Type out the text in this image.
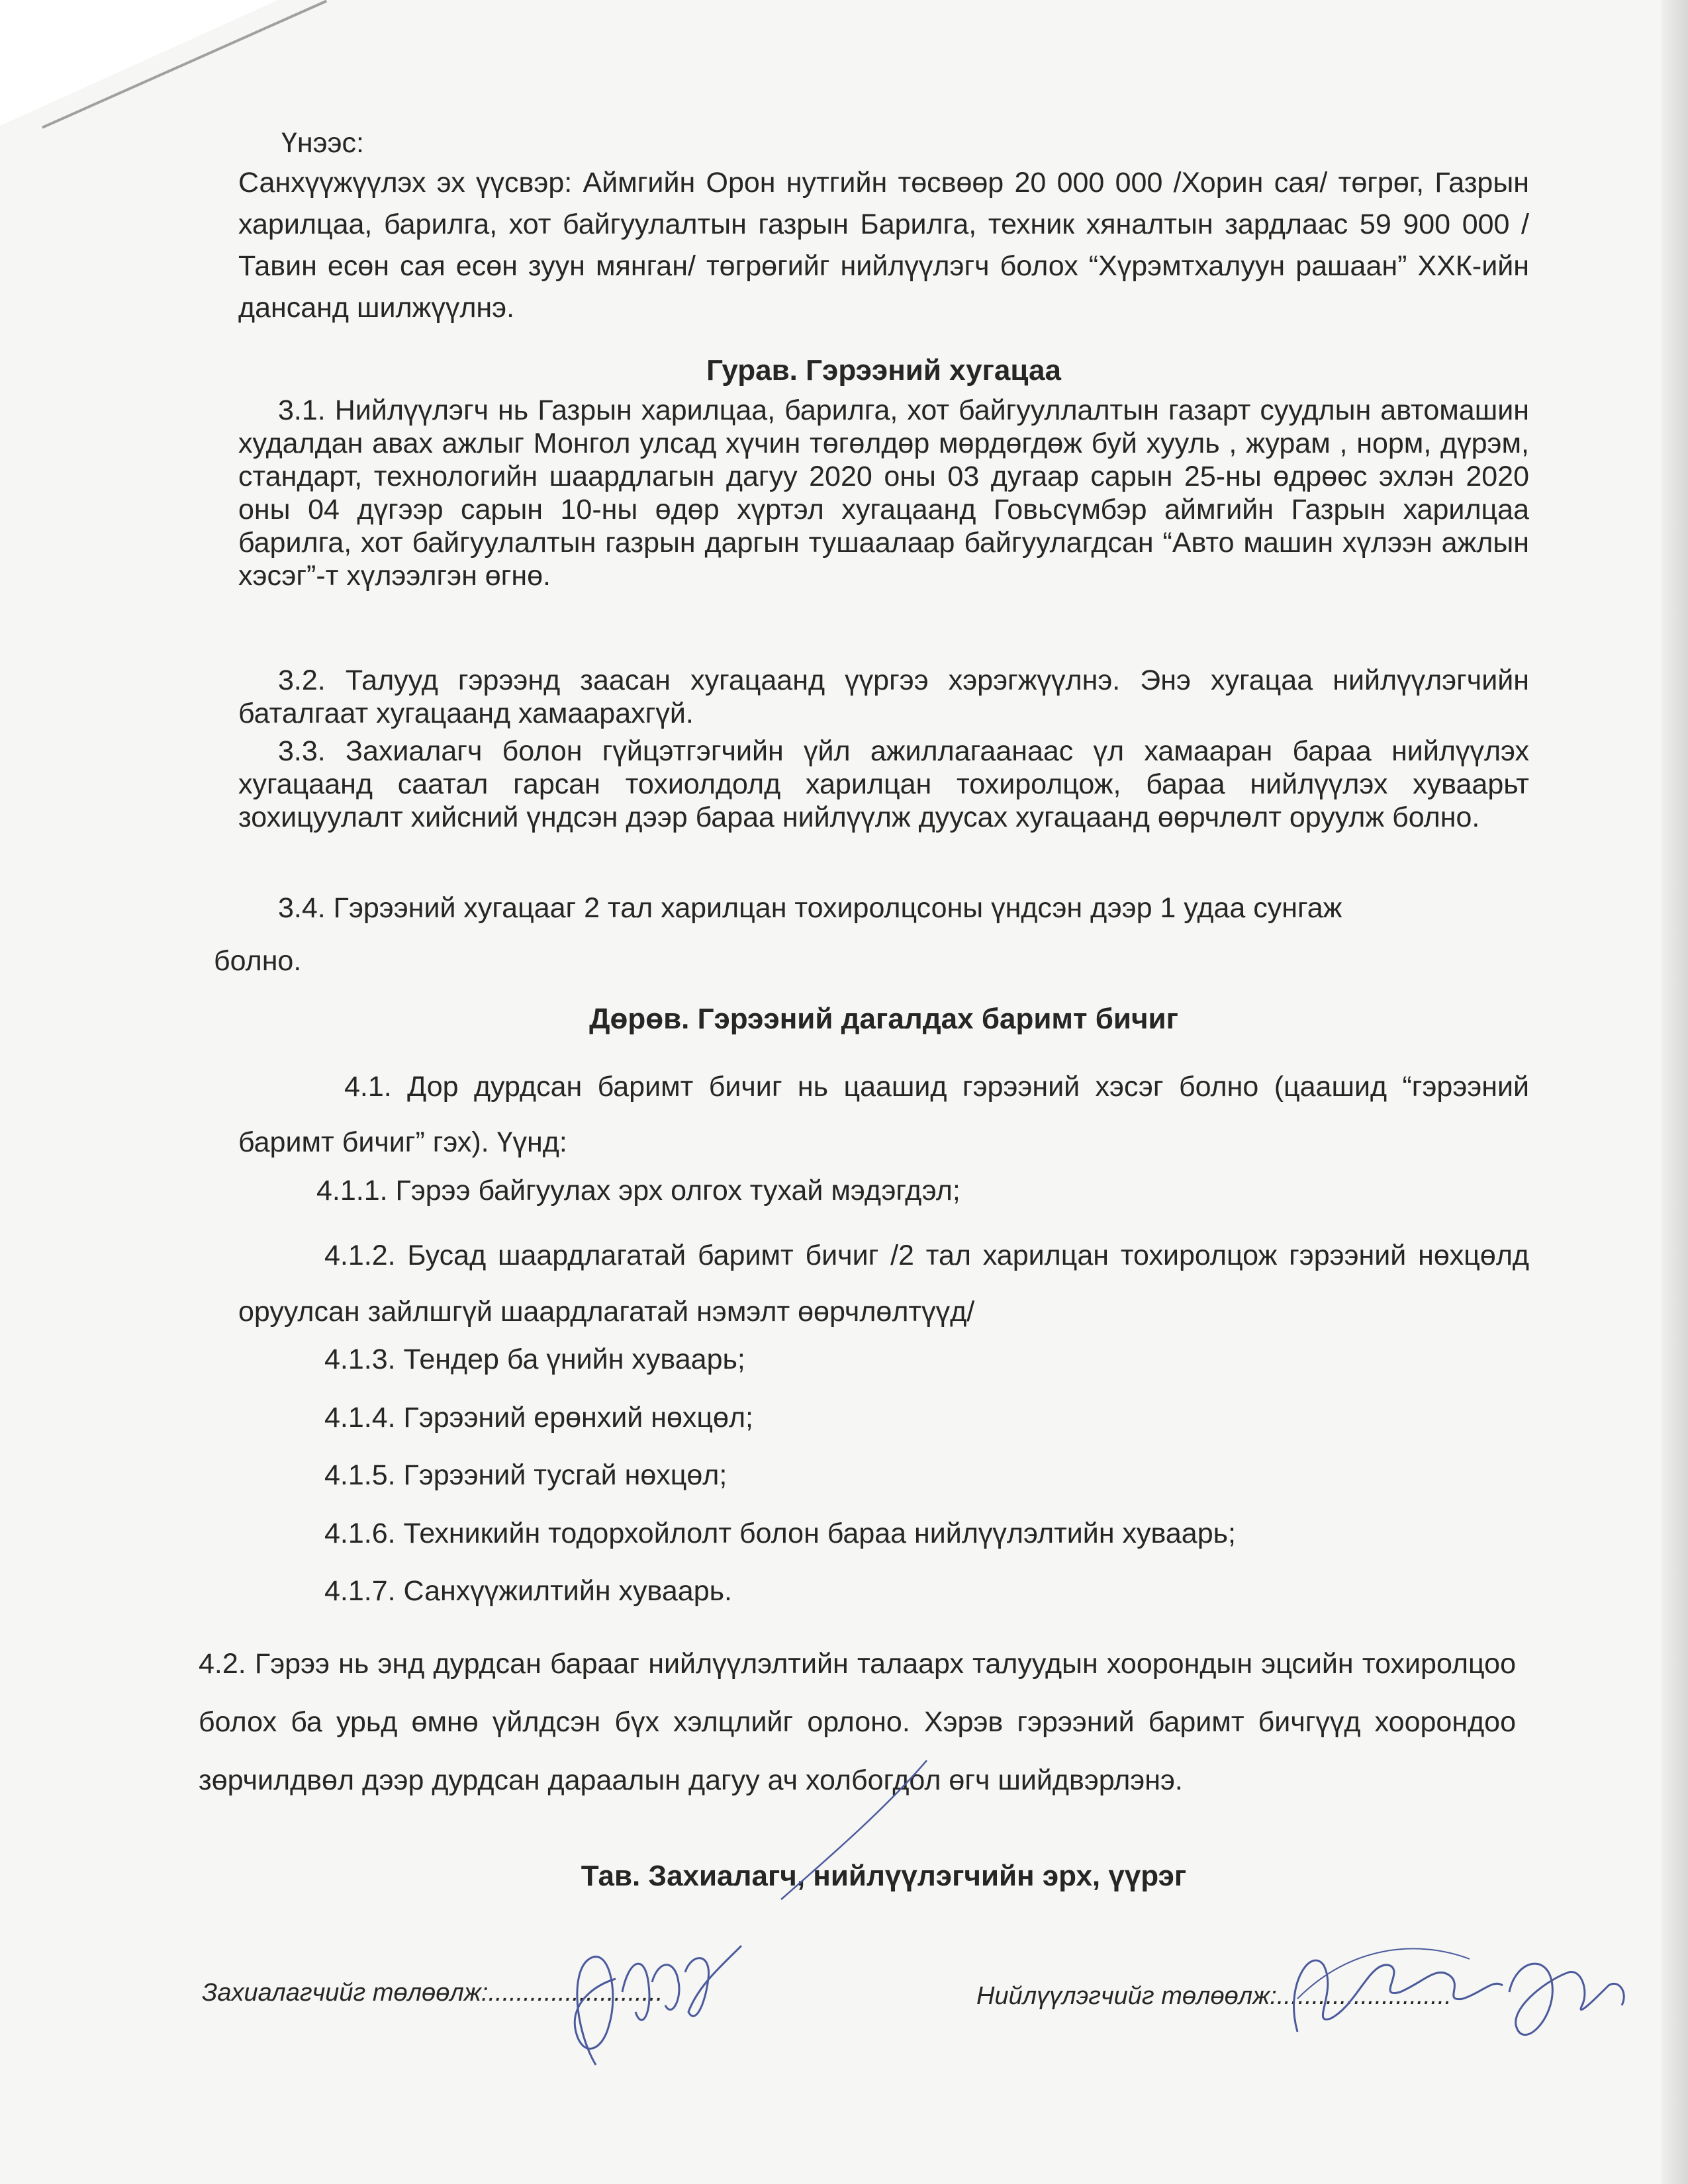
Үнээс:
Санхүүжүүлэх эх үүсвэр: Аймгийн Орон нутгийн төсвөөр 20 000 000 /Хорин сая/ төгрөг, Газрын харилцаа, барилга, хот байгуулалтын газрын Барилга, техник хяналтын зардлаас 59 900 000 /Тавин есөн сая есөн зуун мянган/ төгрөгийг нийлүүлэгч болох “Хүрэмтхалуун рашаан” ХХК-ийн дансанд шилжүүлнэ.
Гурав. Гэрээний хугацаа
3.1. Нийлүүлэгч нь Газрын харилцаа, барилга, хот байгууллалтын газарт суудлын автомашин худалдан авах ажлыг Монгол улсад хүчин төгөлдөр мөрдөгдөж буй хууль , журам , норм, дүрэм, стандарт, технологийн шаардлагын дагуу 2020 оны 03 дугаар сарын 25-ны өдрөөс эхлэн 2020 оны 04 дүгээр сарын 10-ны өдөр хүртэл хугацаанд Говьсүмбэр аймгийн Газрын харилцаа барилга, хот байгуулалтын газрын даргын тушаалаар байгуулагдсан “Авто машин хүлээн ажлын хэсэг”-т хүлээлгэн өгнө.
3.2. Талууд гэрээнд заасан хугацаанд үүргээ хэрэгжүүлнэ. Энэ хугацаа нийлүүлэгчийн баталгаат хугацаанд хамаарахгүй.
3.3. Захиалагч болон гүйцэтгэгчийн үйл ажиллагаанаас үл хамааран бараа нийлүүлэх хугацаанд саатал гарсан тохиолдолд харилцан тохиролцож, бараа нийлүүлэх хуваарьт зохицуулалт хийсний үндсэн дээр бараа нийлүүлж дуусах хугацаанд өөрчлөлт оруулж болно.
3.4. Гэрээний хугацааг 2 тал харилцан тохиролцсоны үндсэн дээр 1 удаа сунгаж
болно.
Дөрөв. Гэрээний дагалдах баримт бичиг
4.1. Дор дурдсан баримт бичиг нь цаашид гэрээний хэсэг болно (цаашид “гэрээний баримт бичиг” гэх). Үүнд:
4.1.1. Гэрээ байгуулах эрх олгох тухай мэдэгдэл;
4.1.2. Бусад шаардлагатай баримт бичиг /2 тал харилцан тохиролцож гэрээний нөхцөлд оруулсан зайлшгүй шаардлагатай нэмэлт өөрчлөлтүүд/
4.1.3. Тендер ба үнийн хуваарь;
4.1.4. Гэрээний ерөнхий нөхцөл;
4.1.5. Гэрээний тусгай нөхцөл;
4.1.6. Техникийн тодорхойлолт болон бараа нийлүүлэлтийн хуваарь;
4.1.7. Санхүүжилтийн хуваарь.
4.2. Гэрээ нь энд дурдсан барааг нийлүүлэлтийн талаарх талуудын хоорондын эцсийн тохиролцоо болох ба урьд өмнө үйлдсэн бүх хэлцлийг орлоно. Хэрэв гэрээний баримт бичгүүд хоорондоо зөрчилдвөл дээр дурдсан дараалын дагуу ач холбогдол өгч шийдвэрлэнэ.
Тав. Захиалагч, нийлүүлэгчийн эрх, үүрэг
Захиалагчийг төлөөлж:.........................	Нийлүүлэгчийг төлөөлж:.........................
